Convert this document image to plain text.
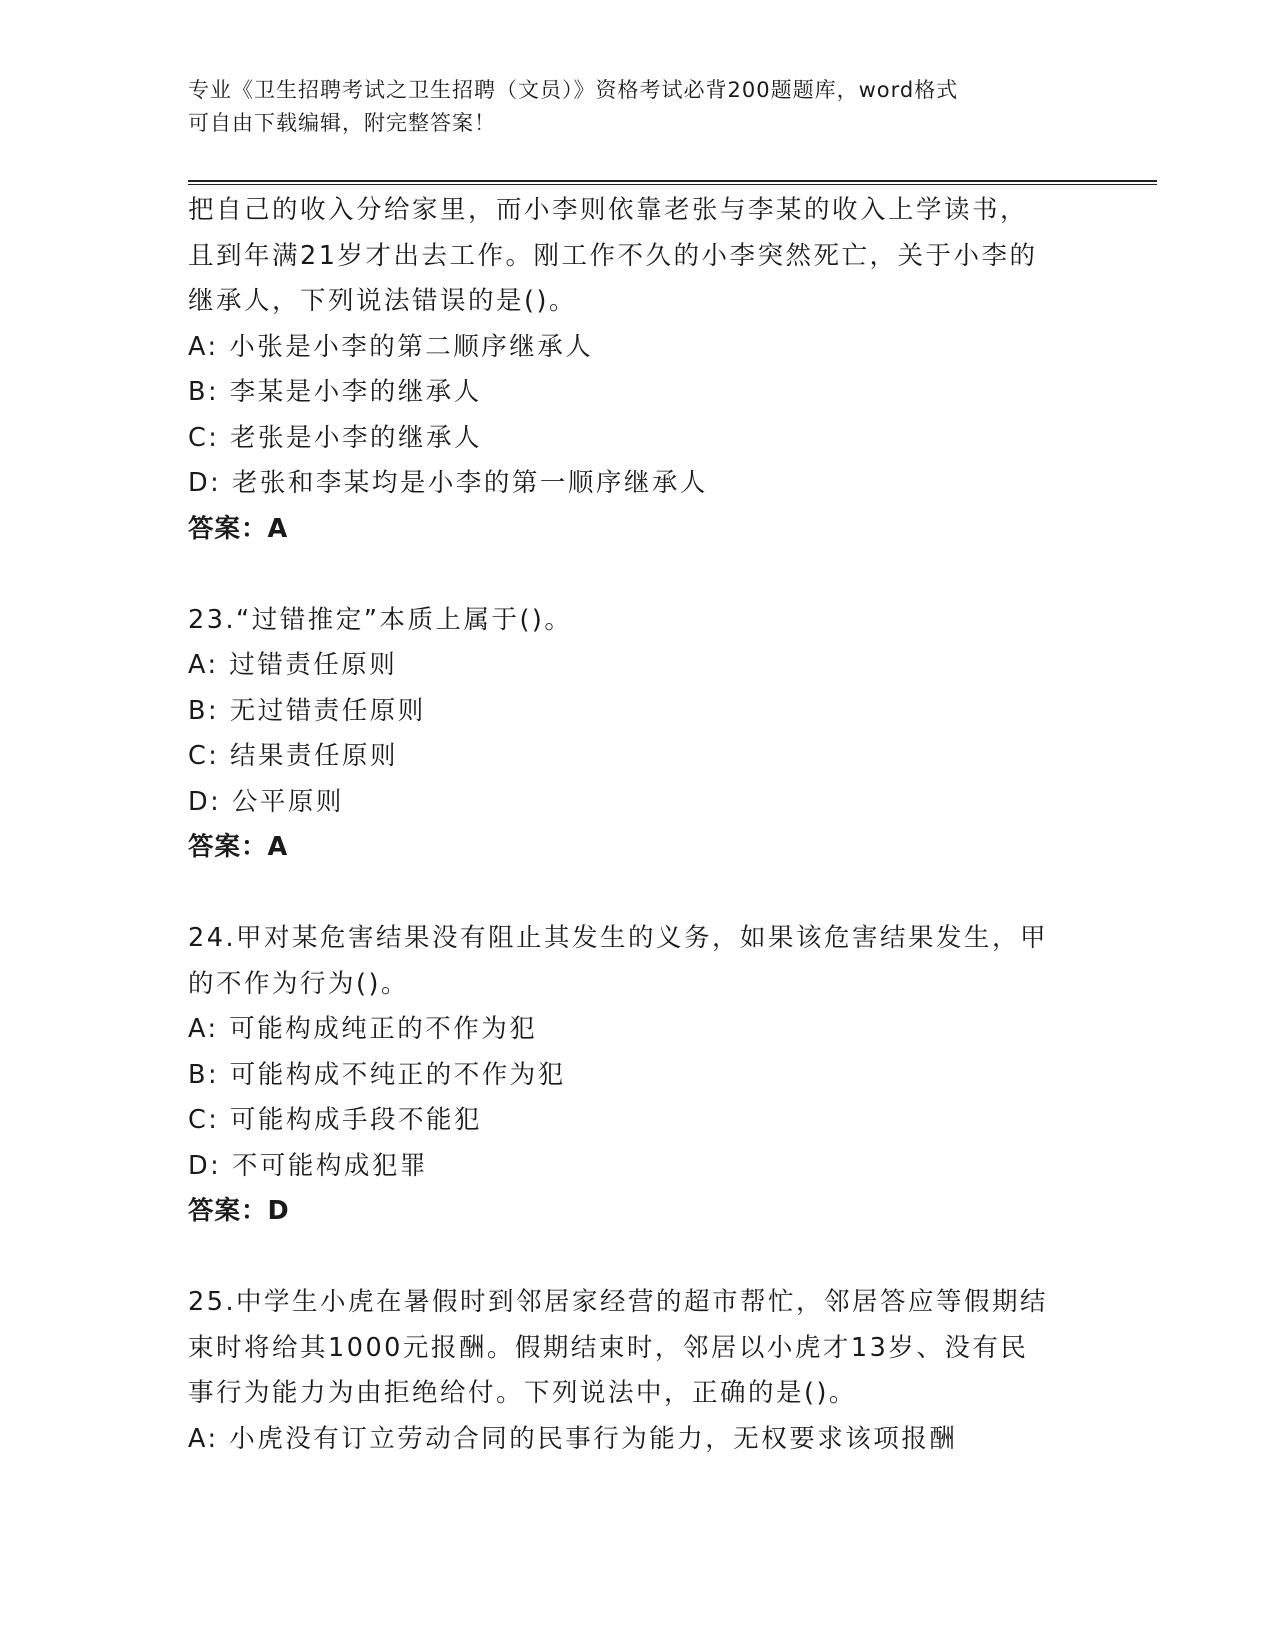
专业《卫生招聘考试之卫生招聘（文员）》资格考试必背200题题库，word格式
可自由下载编辑，附完整答案！
把自己的收入分给家里，而小李则依靠老张与李某的收入上学读书，
且到年满21岁才出去工作。刚工作不久的小李突然死亡，关于小李的
继承人，下列说法错误的是()。
A: 小张是小李的第二顺序继承人
B: 李某是小李的继承人
C: 老张是小李的继承人
D: 老张和李某均是小李的第一顺序继承人
答案：A
23.“过错推定”本质上属于()。
A: 过错责任原则
B: 无过错责任原则
C: 结果责任原则
D: 公平原则
答案：A
24.甲对某危害结果没有阻止其发生的义务，如果该危害结果发生，甲
的不作为行为()。
A: 可能构成纯正的不作为犯
B: 可能构成不纯正的不作为犯
C: 可能构成手段不能犯
D: 不可能构成犯罪
答案：D
25.中学生小虎在暑假时到邻居家经营的超市帮忙，邻居答应等假期结
束时将给其1000元报酬。假期结束时，邻居以小虎才13岁、没有民
事行为能力为由拒绝给付。下列说法中，正确的是()。
A: 小虎没有订立劳动合同的民事行为能力，无权要求该项报酬
